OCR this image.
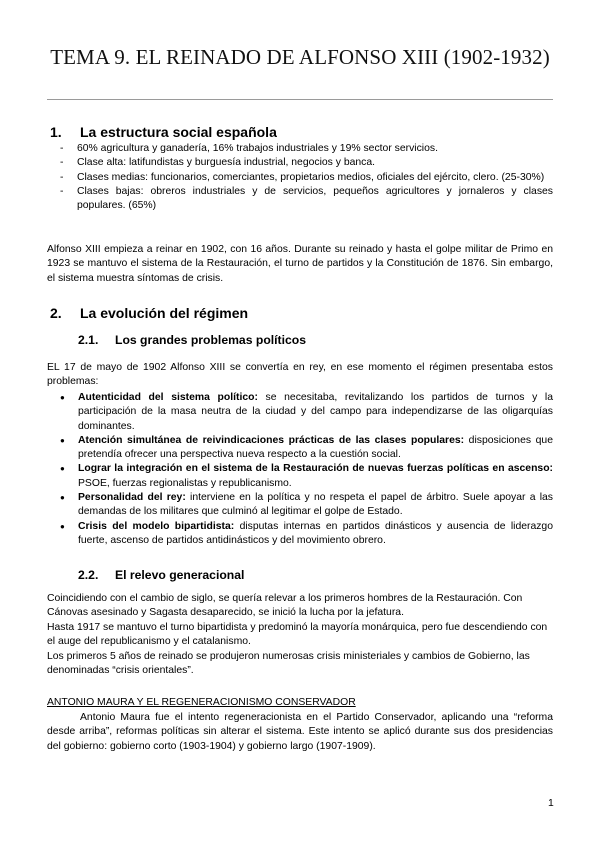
TEMA 9. EL REINADO DE ALFONSO XIII (1902-1932)
1. La estructura social española
- 60% agricultura y ganadería, 16% trabajos industriales y 19% sector servicios.
- Clase alta: latifundistas y burguesía industrial, negocios y banca.
- Clases medias: funcionarios, comerciantes, propietarios medios, oficiales del ejército, clero. (25-30%)
- Clases bajas: obreros industriales y de servicios, pequeños agricultores y jornaleros y clases populares. (65%)
Alfonso XIII empieza a reinar en 1902, con 16 años. Durante su reinado y hasta el golpe militar de Primo en 1923 se mantuvo el sistema de la Restauración, el turno de partidos y la Constitución de 1876. Sin embargo, el sistema muestra síntomas de crisis.
2. La evolución del régimen
2.1. Los grandes problemas políticos
EL 17 de mayo de 1902 Alfonso XIII se convertía en rey, en ese momento el régimen presentaba estos problemas:
● Autenticidad del sistema político: se necesitaba, revitalizando los partidos de turnos y la participación de la masa neutra de la ciudad y del campo para independizarse de las oligarquías dominantes.
● Atención simultánea de reivindicaciones prácticas de las clases populares: disposiciones que pretendía ofrecer una perspectiva nueva respecto a la cuestión social.
● Lograr la integración en el sistema de la Restauración de nuevas fuerzas políticas en ascenso: PSOE, fuerzas regionalistas y republicanismo.
● Personalidad del rey: interviene en la política y no respeta el papel de árbitro. Suele apoyar a las demandas de los militares que culminó al legitimar el golpe de Estado.
● Crisis del modelo bipartidista: disputas internas en partidos dinásticos y ausencia de liderazgo fuerte, ascenso de partidos antidinásticos y del movimiento obrero.
2.2. El relevo generacional
Coincidiendo con el cambio de siglo, se quería relevar a los primeros hombres de la Restauración. Con Cánovas asesinado y Sagasta desaparecido, se inició la lucha por la jefatura.
Hasta 1917 se mantuvo el turno bipartidista y predominó la mayoría monárquica, pero fue descendiendo con el auge del republicanismo y el catalanismo.
Los primeros 5 años de reinado se produjeron numerosas crisis ministeriales y cambios de Gobierno, las denominadas “crisis orientales”.
ANTONIO MAURA Y EL REGENERACIONISMO CONSERVADOR
Antonio Maura fue el intento regeneracionista en el Partido Conservador, aplicando una “reforma desde arriba”, reformas políticas sin alterar el sistema. Este intento se aplicó durante sus dos presidencias del gobierno: gobierno corto (1903-1904) y gobierno largo (1907-1909).
1
